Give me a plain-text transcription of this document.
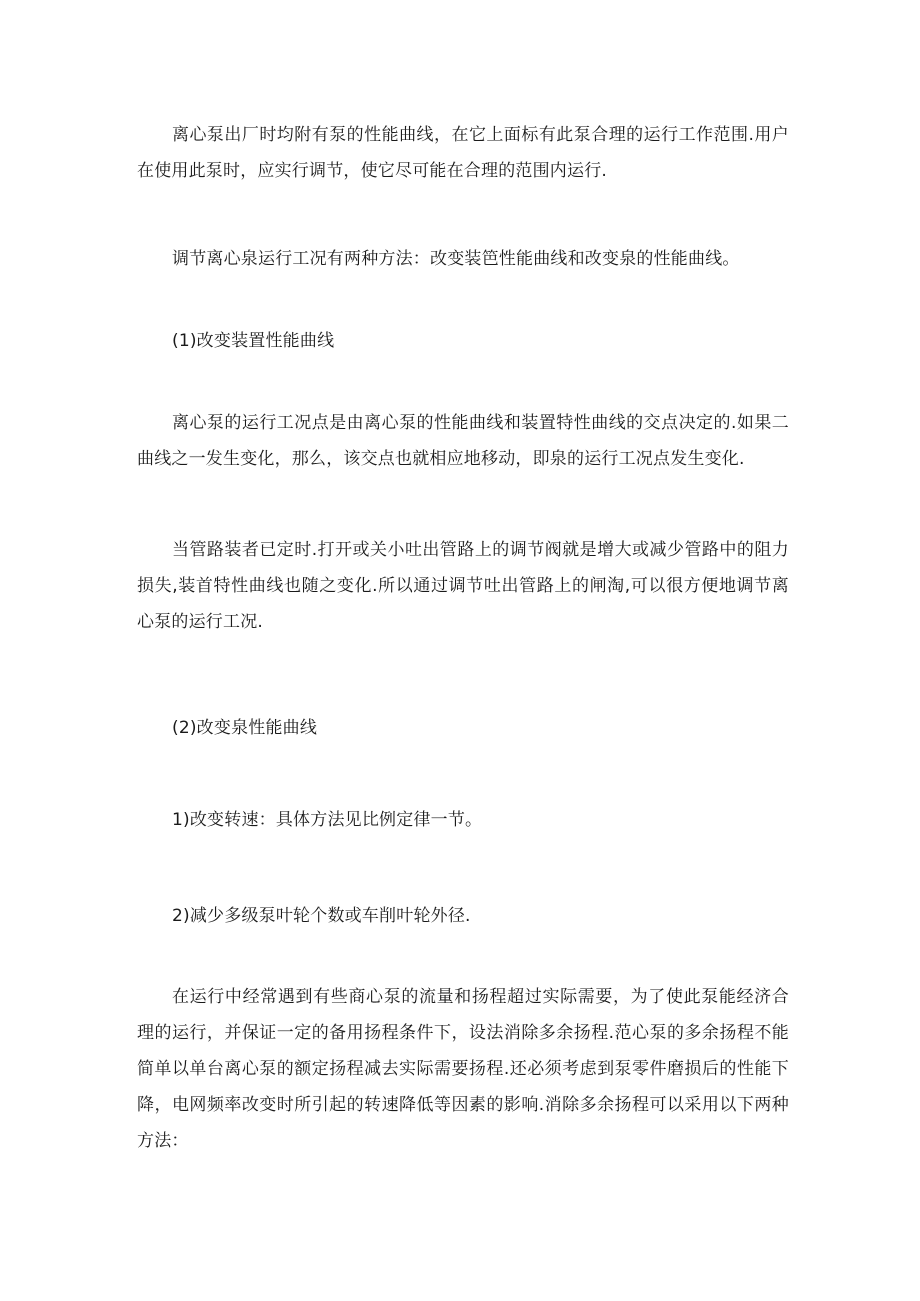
离心泵出厂时均附有泵的性能曲线，在它上面标有此泵合理的运行工作范围.用户在使用此泵时，应实行调节，使它尽可能在合理的范围内运行.

调节离心泉运行工况有两种方法：改变装笆性能曲线和改变泉的性能曲线。

(1)改变装置性能曲线

离心泵的运行工况点是由离心泵的性能曲线和装置特性曲线的交点决定的.如果二曲线之一发生变化，那么，该交点也就相应地移动，即泉的运行工况点发生变化.

当管路装者已定时.打开或关小吐出管路上的调节阀就是增大或减少管路中的阻力损失,装首特性曲线也随之变化.所以通过调节吐出管路上的闸淘,可以很方便地调节离心泵的运行工况.

(2)改变泉性能曲线

1)改变转速：具体方法见比例定律一节。

2)减少多级泵叶轮个数或车削叶轮外径.

在运行中经常遇到有些商心泵的流量和扬程超过实际需要，为了使此泵能经济合理的运行，并保证一定的备用扬程条件下，设法消除多余扬程.范心泵的多余扬程不能简单以单台离心泵的额定扬程减去实际需要扬程.还必须考虑到泵零件磨损后的性能下降，电网频率改变时所引起的转速降低等因素的影响.消除多余扬程可以采用以下两种方法：
